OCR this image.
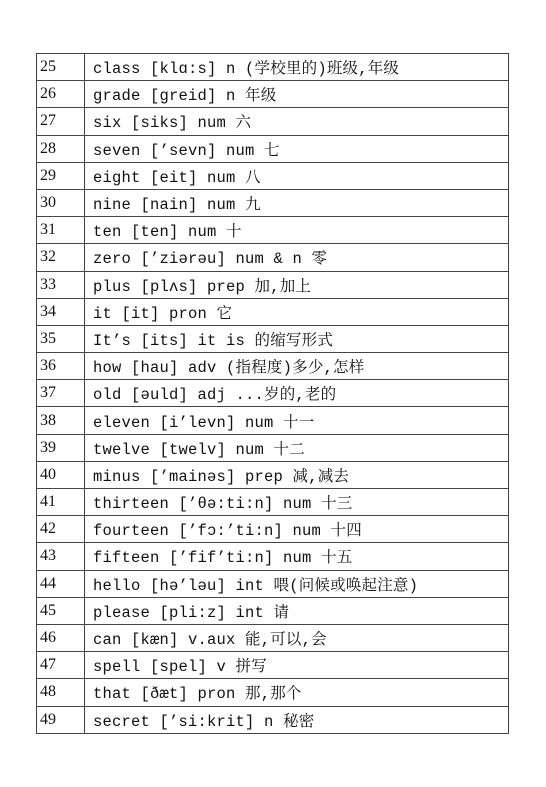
25	class [klɑ:s] n (学校里的)班级,年级
26	grade [greid] n 年级
27	six [siks] num 六
28	seven [’sevn] num 七
29	eight [eit] num 八
30	nine [nain] num 九
31	ten [ten] num 十
32	zero [’ziərəu] num & n 零
33	plus [plʌs] prep 加,加上
34	it [it] pron 它
35	It’s [its] it is 的缩写形式
36	how [hau] adv (指程度)多少,怎样
37	old [əuld] adj ...岁的,老的
38	eleven [i’levn] num 十一
39	twelve [twelv] num 十二
40	minus [’mainəs] prep 减,减去
41	thirteen [’θə:ti:n] num 十三
42	fourteen [’fɔ:’ti:n] num 十四
43	fifteen [’fif’ti:n] num 十五
44	hello [hə’ləu] int 喂(问候或唤起注意)
45	please [pli:z] int 请
46	can [kæn] v.aux 能,可以,会
47	spell [spel] v 拼写
48	that [ðæt] pron 那,那个
49	secret [’si:krit] n 秘密
